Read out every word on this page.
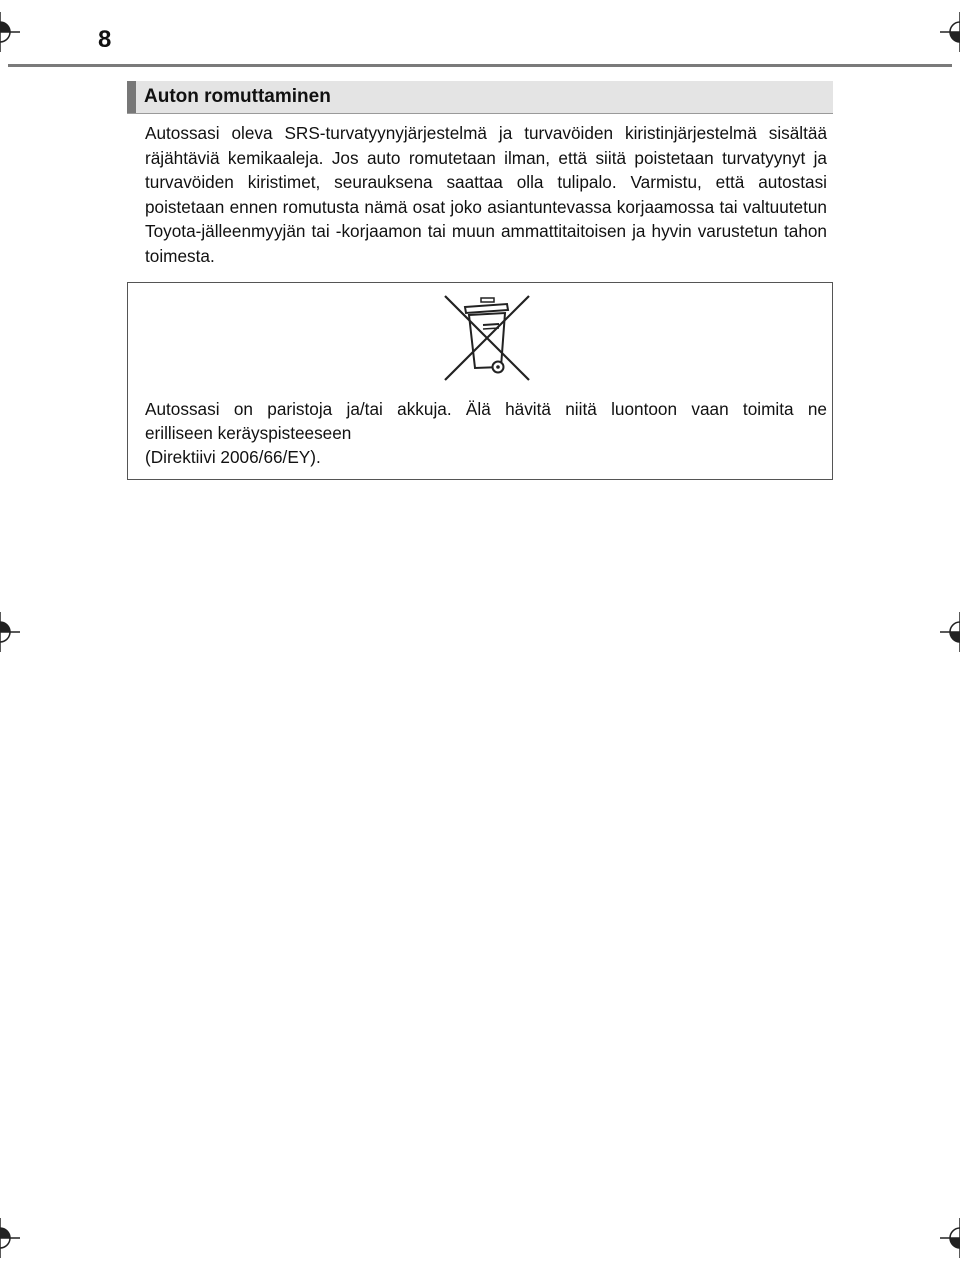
8
Auton romuttaminen
Autossasi oleva SRS-turvatyynyjärjestelmä ja turvavöiden kiristinjärjestelmä sisältää räjähtäviä kemikaaleja. Jos auto romutetaan ilman, että siitä poistetaan turvatyynyt ja turvavöiden kiristimet, seurauksena saattaa olla tulipalo. Varmistu, että autostasi poistetaan ennen romutusta nämä osat joko asiantuntevassa korjaamossa tai valtuutetun Toyota-jälleenmyyjän tai -korjaamon tai muun ammattitaitoisen ja hyvin varustetun tahon toimesta.
Autossasi on paristoja ja/tai akkuja. Älä hävitä niitä luontoon vaan toimita ne
erilliseen keräyspisteeseen
(Direktiivi 2006/66/EY).
